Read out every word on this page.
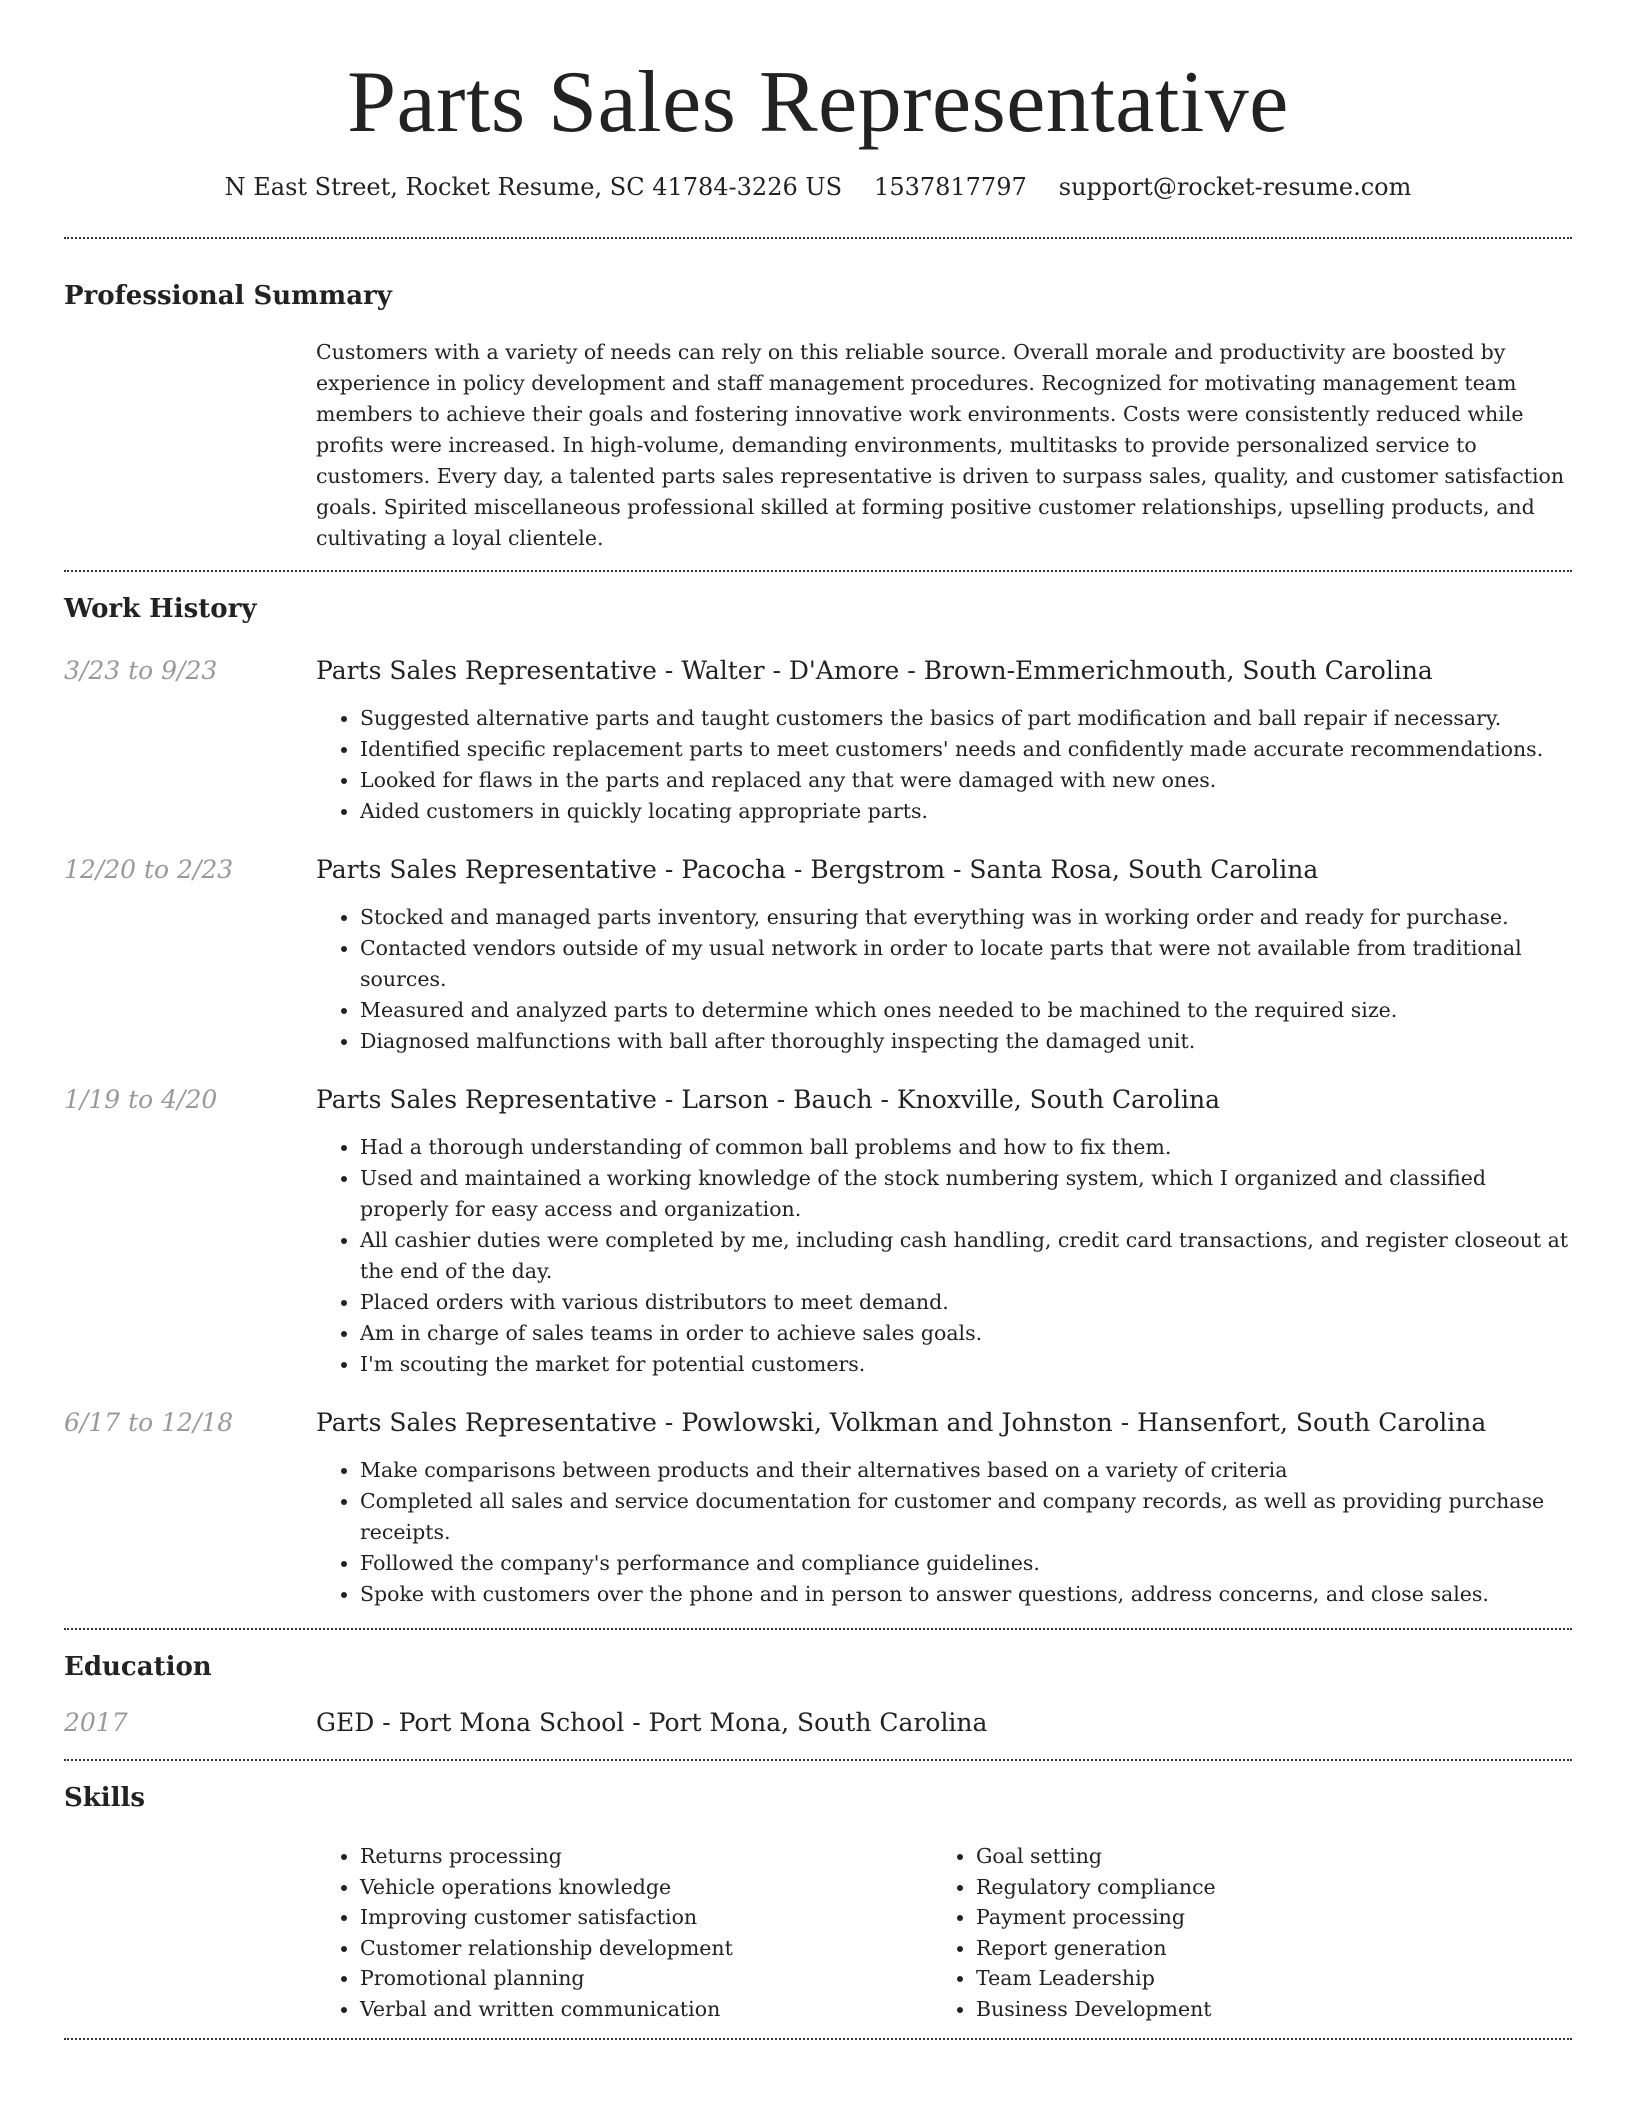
Parts Sales Representative
N East Street, Rocket Resume, SC 41784-3226 US 1537817797 support@rocket-resume.com
Professional Summary

Customers with a variety of needs can rely on this reliable source. Overall morale and productivity are boosted by experience in policy development and staff management procedures. Recognized for motivating management team members to achieve their goals and fostering innovative work environments. Costs were consistently reduced while profits were increased. In high-volume, demanding environments, multitasks to provide personalized service to customers. Every day, a talented parts sales representative is driven to surpass sales, quality, and customer satisfaction goals. Spirited miscellaneous professional skilled at forming positive customer relationships, upselling products, and cultivating a loyal clientele.

Work History
3/23 to 9/23	Parts Sales Representative - Walter - D'Amore - Brown-Emmerichmouth, South Carolina
• Suggested alternative parts and taught customers the basics of part modification and ball repair if necessary.
• Identified specific replacement parts to meet customers' needs and confidently made accurate recommendations.
• Looked for flaws in the parts and replaced any that were damaged with new ones.
• Aided customers in quickly locating appropriate parts.
12/20 to 2/23	Parts Sales Representative - Pacocha - Bergstrom - Santa Rosa, South Carolina
• Stocked and managed parts inventory, ensuring that everything was in working order and ready for purchase.
• Contacted vendors outside of my usual network in order to locate parts that were not available from traditional sources.
• Measured and analyzed parts to determine which ones needed to be machined to the required size.
• Diagnosed malfunctions with ball after thoroughly inspecting the damaged unit.
1/19 to 4/20	Parts Sales Representative - Larson - Bauch - Knoxville, South Carolina
• Had a thorough understanding of common ball problems and how to fix them.
• Used and maintained a working knowledge of the stock numbering system, which I organized and classified properly for easy access and organization.
• All cashier duties were completed by me, including cash handling, credit card transactions, and register closeout at the end of the day.
• Placed orders with various distributors to meet demand.
• Am in charge of sales teams in order to achieve sales goals.
• I'm scouting the market for potential customers.
6/17 to 12/18	Parts Sales Representative - Powlowski, Volkman and Johnston - Hansenfort, South Carolina
• Make comparisons between products and their alternatives based on a variety of criteria
• Completed all sales and service documentation for customer and company records, as well as providing purchase receipts.
• Followed the company's performance and compliance guidelines.
• Spoke with customers over the phone and in person to answer questions, address concerns, and close sales.
Education
2017	GED - Port Mona School - Port Mona, South Carolina
Skills
• Returns processing
• Vehicle operations knowledge
• Improving customer satisfaction
• Customer relationship development
• Promotional planning
• Verbal and written communication
• Goal setting
• Regulatory compliance
• Payment processing
• Report generation
• Team Leadership
• Business Development
